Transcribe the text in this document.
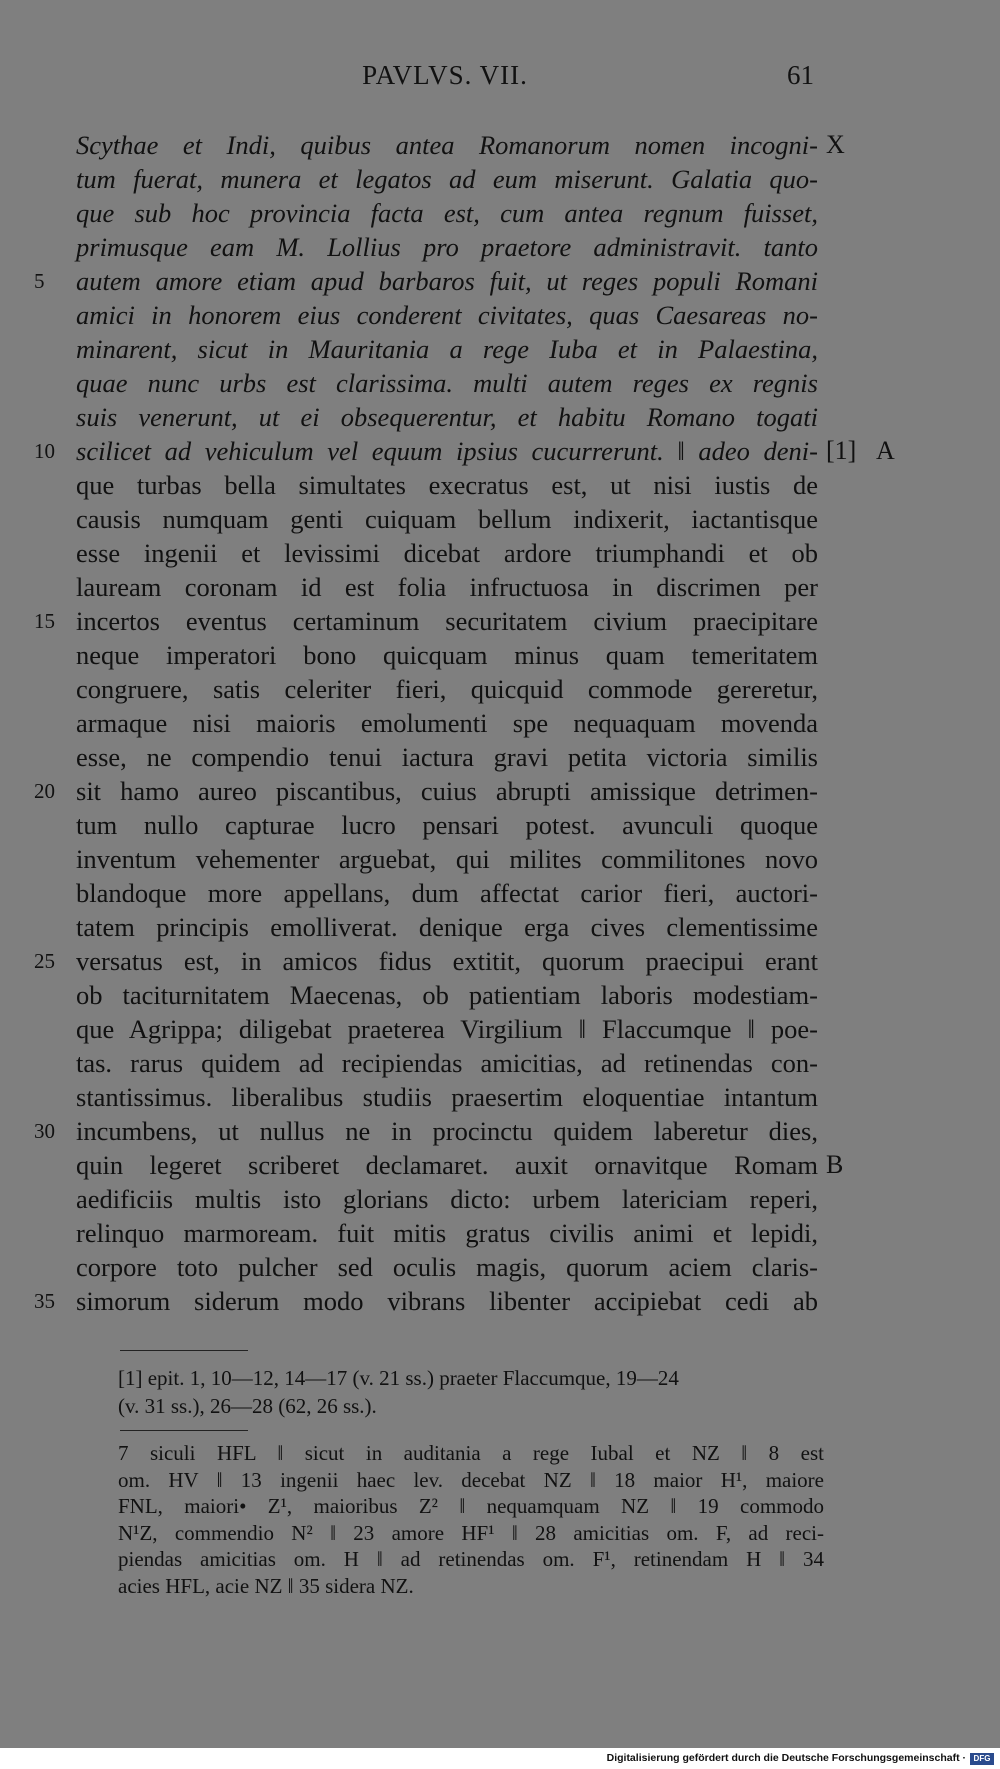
PAVLVS. VII.	61
Scythae et Indi, quibus antea Romanorum nomen incogni- X
tum fuerat, munera et legatos ad eum miserunt. Galatia quo-
que sub hoc provincia facta est, cum antea regnum fuisset,
primusque eam M. Lollius pro praetore administravit. tanto
5	autem amore etiam apud barbaros fuit, ut reges populi Romani
amici in honorem eius conderent civitates, quas Caesareas no-
minarent, sicut in Mauritania a rege Iuba et in Palaestina,
quae nunc urbs est clarissima. multi autem reges ex regnis
suis venerunt, ut ei obsequerentur, et habitu Romano togati
10 scilicet ad vehiculum vel equum ipsius cucurrerunt. ‖ adeo deni- [1] A
que turbas bella simultates execratus est, ut nisi iustis de
causis numquam genti cuiquam bellum indixerit, iactantisque
esse ingenii et levissimi dicebat ardore triumphandi et ob
lauream coronam id est folia infructuosa in discrimen per
15 incertos eventus certaminum securitatem civium praecipitare
neque imperatori bono quicquam minus quam temeritatem
congruere, satis celeriter fieri, quicquid commode gereretur,
armaque nisi maioris emolumenti spe nequaquam movenda
esse, ne compendio tenui iactura gravi petita victoria similis
20 sit hamo aureo piscantibus, cuius abrupti amissique detrimen-
tum nullo capturae lucro pensari potest. avunculi quoque
inventum vehementer arguebat, qui milites commilitones novo
blandoque more appellans, dum affectat carior fieri, auctori-
tatem principis emolliverat. denique erga cives clementissime
25 versatus est, in amicos fidus extitit, quorum praecipui erant
ob taciturnitatem Maecenas, ob patientiam laboris modestiam-
que Agrippa; diligebat praeterea Virgilium ‖ Flaccumque ‖ poe-
tas. rarus quidem ad recipiendas amicitias, ad retinendas con-
stantissimus. liberalibus studiis praesertim eloquentiae intantum
30 incumbens, ut nullus ne in procinctu quidem laberetur dies,
quin legeret scriberet declamaret. auxit ornavitque Romam B
aedificiis multis isto glorians dicto: urbem latericiam reperi,
relinquo marmoream. fuit mitis gratus civilis animi et lepidi,
corpore toto pulcher sed oculis magis, quorum aciem claris-
35 simorum siderum modo vibrans libenter accipiebat cedi ab
[1] epit. 1, 10—12, 14—17 (v. 21 ss.) praeter Flaccumque, 19—24
(v. 31 ss.), 26—28 (62, 26 ss.).
7 siculi HFL ‖ sicut in auditania a rege Iubal et NZ ‖ 8 est
om. HV ‖ 13 ingenii haec lev. decebat NZ ‖ 18 maior H¹, maiore
FNL, maiori• Z¹, maioribus Z² ‖ nequamquam NZ ‖ 19 commodo
N¹Z, commendio N² ‖ 23 amore HF¹ ‖ 28 amicitias om. F, ad reci-
piendas amicitias om. H ‖ ad retinendas om. F¹, retinendam H ‖ 34
acies HFL, acie NZ ‖ 35 sidera NZ.
Digitalisierung gefördert durch die Deutsche Forschungsgemeinschaft · DFG
